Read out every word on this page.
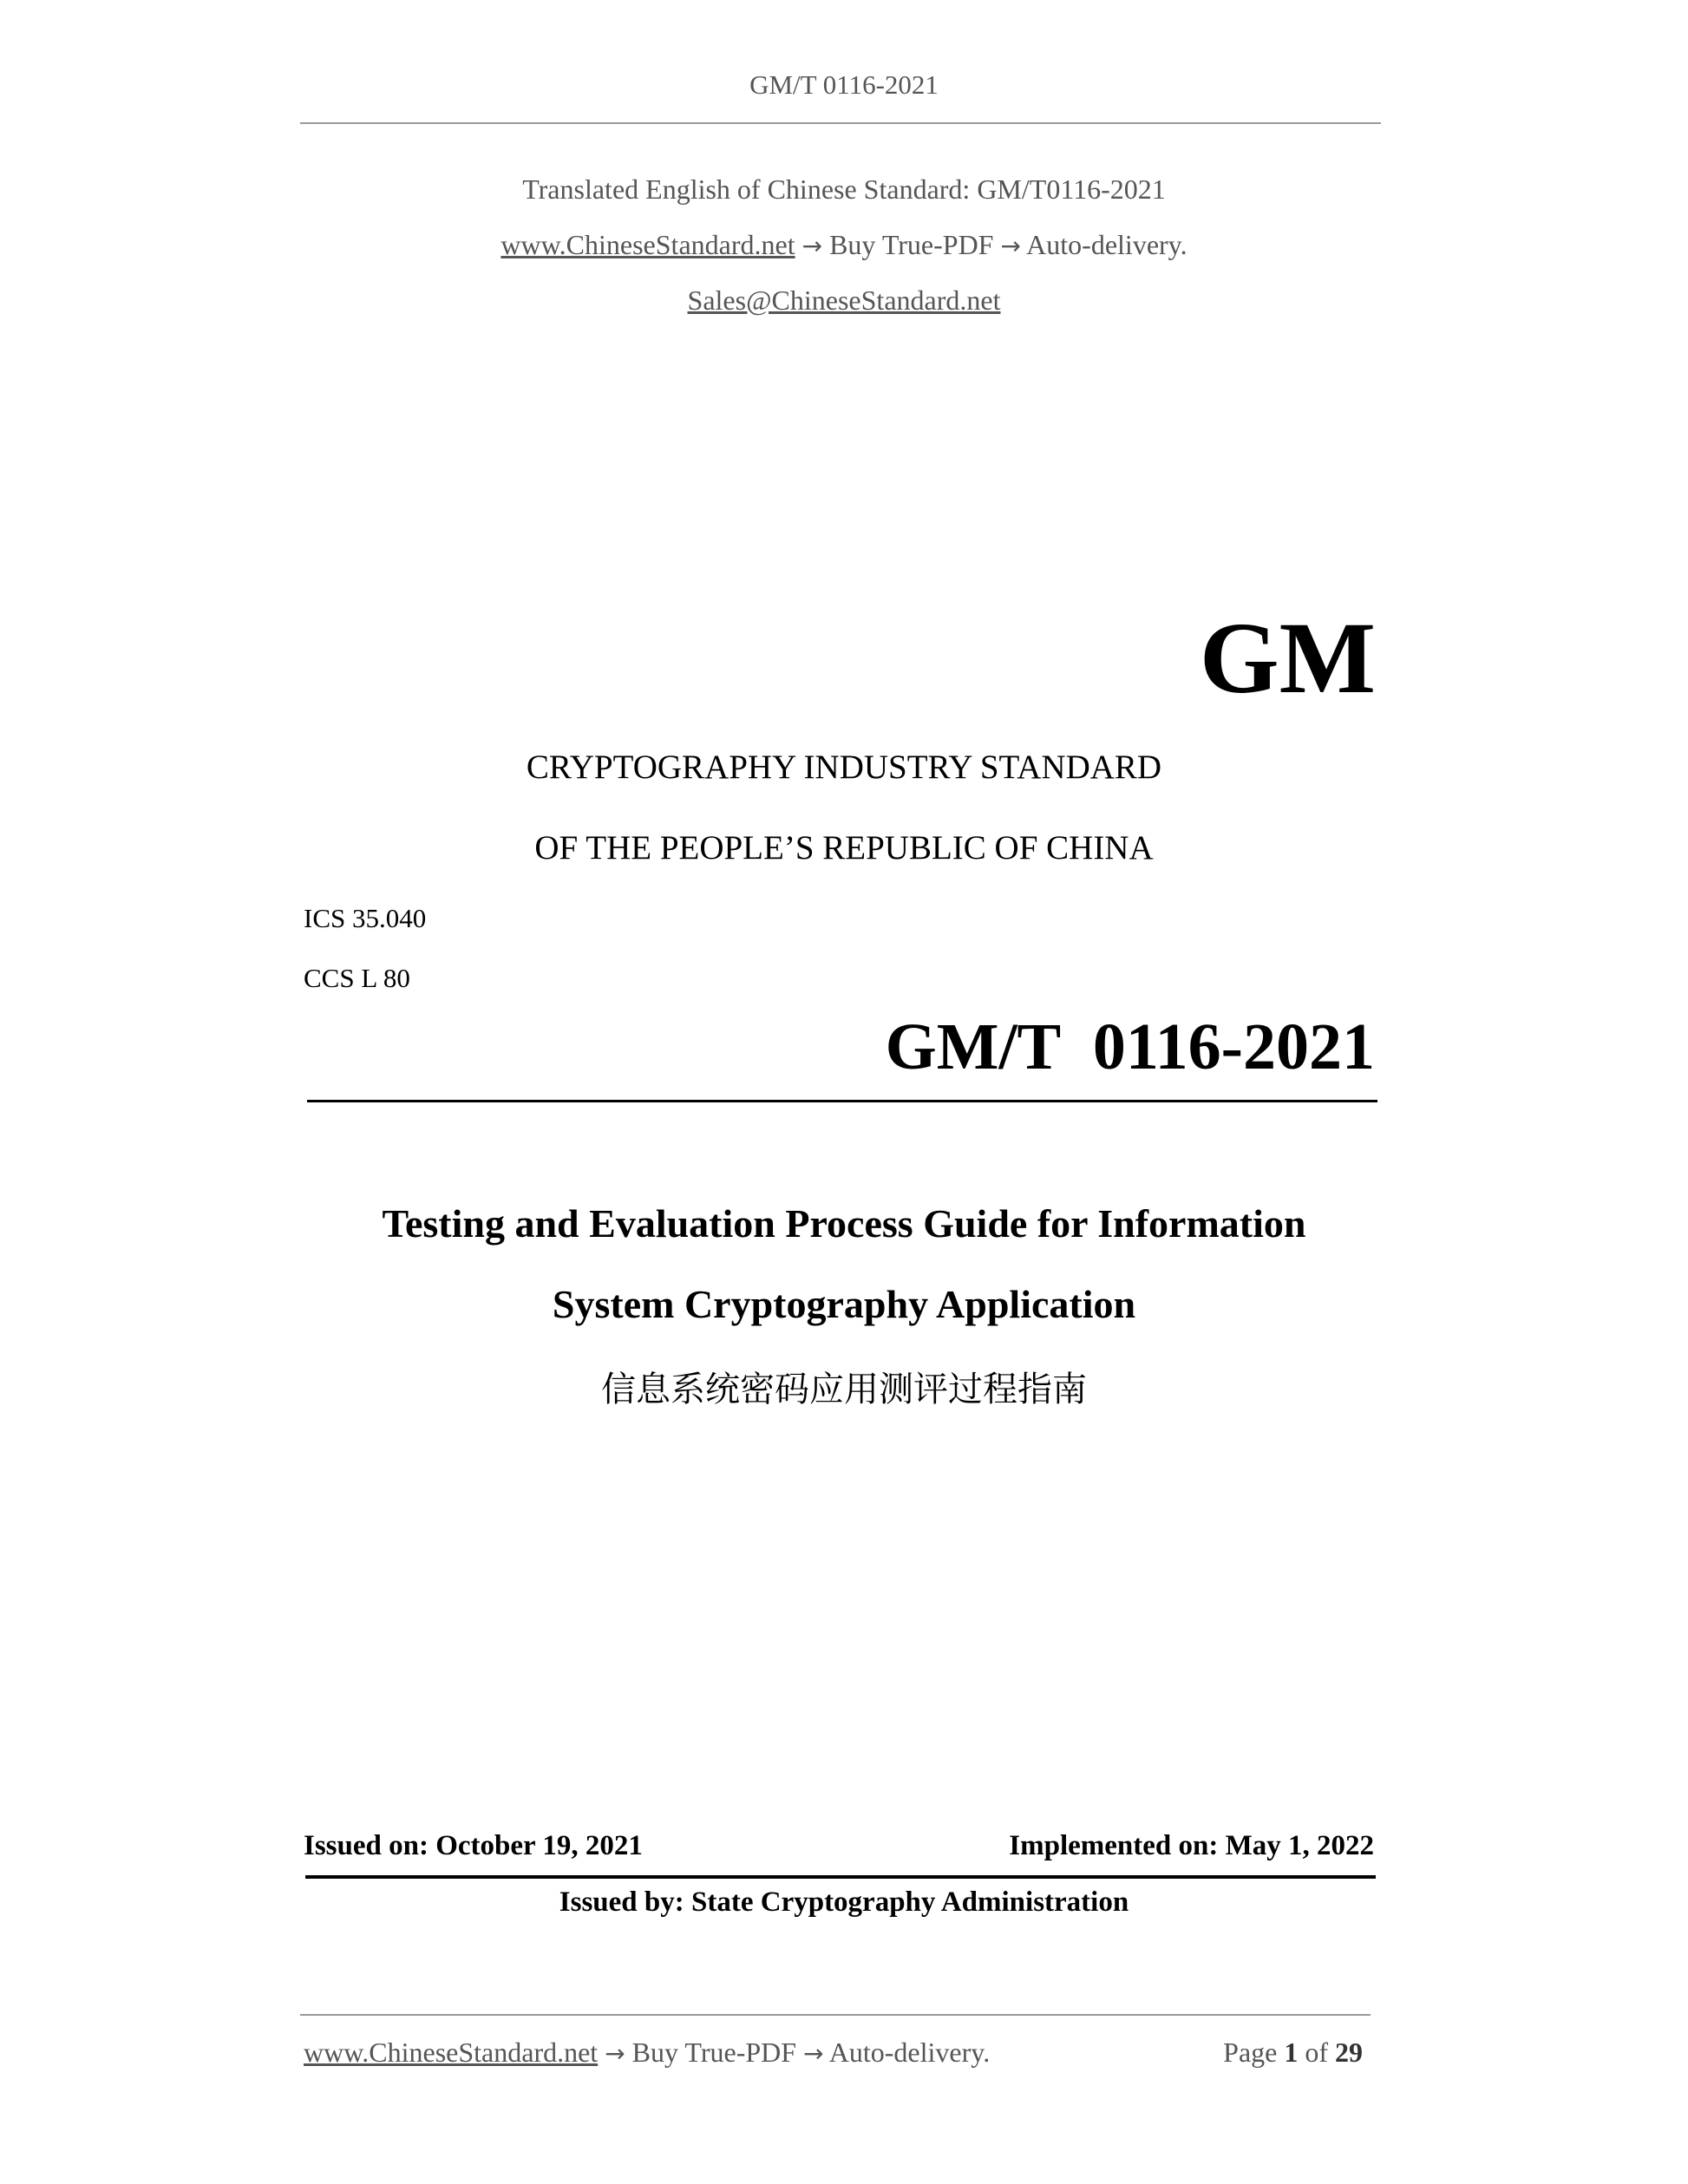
GM/T 0116-2021
Translated English of Chinese Standard: GM/T0116-2021
www.ChineseStandard.net → Buy True-PDF → Auto-delivery.
Sales@ChineseStandard.net
GM
CRYPTOGRAPHY INDUSTRY STANDARD
OF THE PEOPLE’S REPUBLIC OF CHINA
ICS 35.040
CCS L 80
GM/T  0116-2021
Testing and Evaluation Process Guide for Information
System Cryptography Application
信息系统密码应用测评过程指南
Issued on: October 19, 2021	Implemented on: May 1, 2022
Issued by: State Cryptography Administration
www.ChineseStandard.net → Buy True-PDF → Auto-delivery.	Page 1 of 29
